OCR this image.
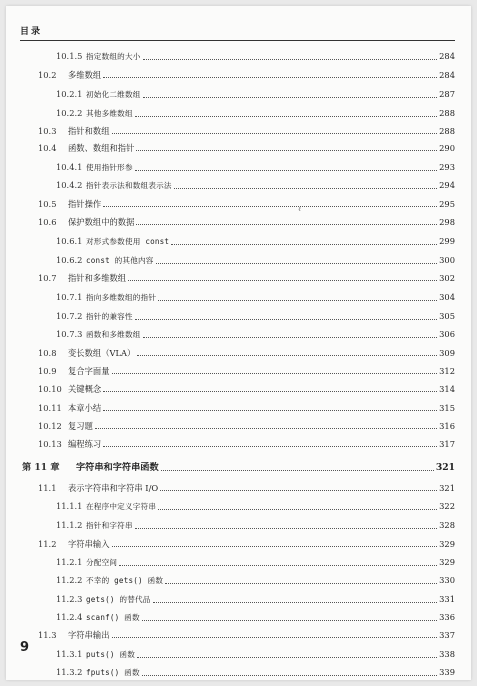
目录
10.1.5 指定数组的大小	284
10.2	多维数组	284
10.2.1 初始化二维数组	287
10.2.2 其他多维数组	288
10.3	指针和数组	288
10.4	函数、数组和指针	290
10.4.1 使用指针形参	293
10.4.2 指针表示法和数组表示法	294
10.5	指针操作	295
10.6	保护数组中的数据	298
10.6.1 对形式参数使用 const	299
10.6.2 const 的其他内容	300
10.7	指针和多维数组	302
10.7.1 指向多维数组的指针	304
10.7.2 指针的兼容性	305
10.7.3 函数和多维数组	306
10.8	变长数组（VLA）	309
10.9	复合字面量	312
10.10 关键概念	314
10.11 本章小结	315
10.12 复习题	316
10.13 编程练习	317
第 11 章	字符串和字符串函数	321
11.1	表示字符串和字符串 I/O	321
11.1.1 在程序中定义字符串	322
11.1.2 指针和字符串	328
11.2	字符串输入	329
11.2.1 分配空间	329
11.2.2 不幸的 gets() 函数	330
11.2.3 gets() 的替代品	331
11.2.4 scanf() 函数	336
11.3	字符串输出	337
11.3.1 puts() 函数	338
11.3.2 fputs() 函数	339
9
ℓ
